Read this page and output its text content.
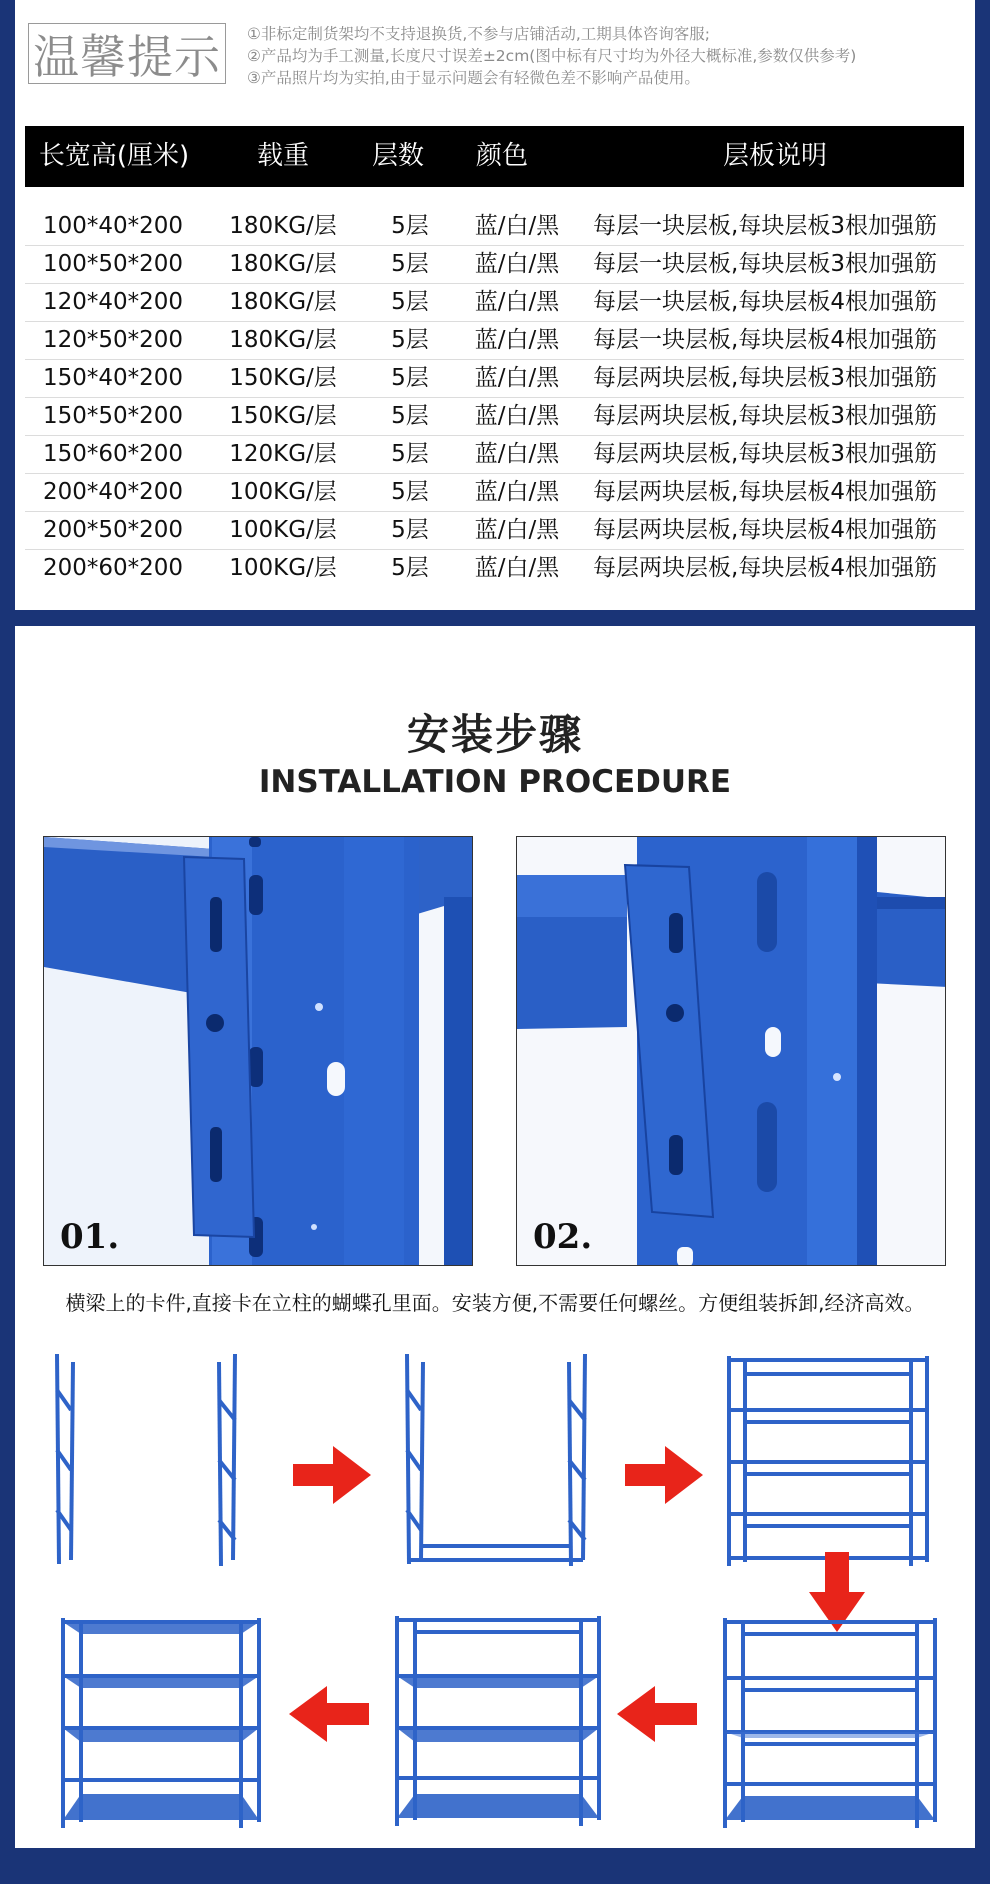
温馨提示 ①非标定制货架均不支持退换货,不参与店铺活动,工期具体咨询客服;
②产品均为手工测量,长度尺寸误差±2cm(图中标有尺寸均为外径大概标准,参数仅供参考)
③产品照片均为实拍,由于显示问题会有轻微色差不影响产品使用。
长宽高(厘米)	载重	层数	颜色	层板说明
100*40*200	180KG/层	5层	蓝/白/黑	每层一块层板,每块层板3根加强筋
100*50*200	180KG/层	5层	蓝/白/黑	每层一块层板,每块层板3根加强筋
120*40*200	180KG/层	5层	蓝/白/黑	每层一块层板,每块层板4根加强筋
120*50*200	180KG/层	5层	蓝/白/黑	每层一块层板,每块层板4根加强筋
150*40*200	150KG/层	5层	蓝/白/黑	每层两块层板,每块层板3根加强筋
150*50*200	150KG/层	5层	蓝/白/黑	每层两块层板,每块层板3根加强筋
150*60*200	120KG/层	5层	蓝/白/黑	每层两块层板,每块层板3根加强筋
200*40*200	100KG/层	5层	蓝/白/黑	每层两块层板,每块层板4根加强筋
200*50*200	100KG/层	5层	蓝/白/黑	每层两块层板,每块层板4根加强筋
200*60*200	100KG/层	5层	蓝/白/黑	每层两块层板,每块层板4根加强筋
安装步骤
INSTALLATION PROCEDURE
01.	02.
横梁上的卡件,直接卡在立柱的蝴蝶孔里面。安装方便,不需要任何螺丝。方便组装拆卸,经济高效。
